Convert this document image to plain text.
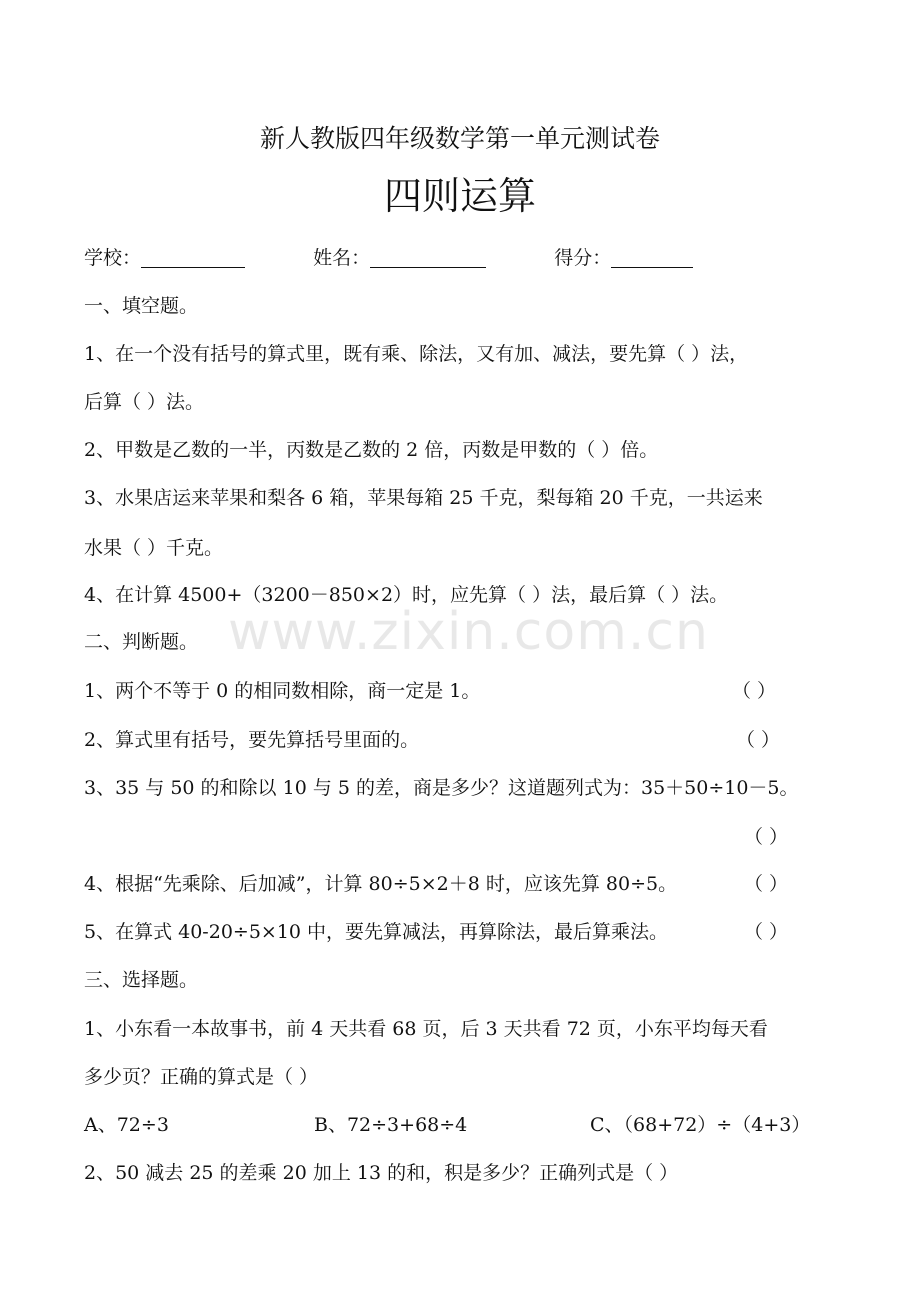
新人教版四年级数学第一单元测试卷
四则运算
学校：	姓名：	得分：
一、填空题。
1、在一个没有括号的算式里，既有乘、除法，又有加、减法，要先算（ ）法，
后算（ ）法。
2、甲数是乙数的一半，丙数是乙数的 2 倍，丙数是甲数的（ ）倍。
3、水果店运来苹果和梨各 6 箱，苹果每箱 25 千克，梨每箱 20 千克，一共运来
水果（ ）千克。
4、在计算 4500+（3200－850×2）时，应先算（ ）法，最后算（ ）法。
www.zixin.com.cn
二、判断题。
1、两个不等于 0 的相同数相除，商一定是 1。	（ ）
2、算式里有括号，要先算括号里面的。	（ ）
3、35 与 50 的和除以 10 与 5 的差，商是多少？这道题列式为：35＋50÷10－5。
（ ）
4、根据“先乘除、后加减”，计算 80÷5×2＋8 时，应该先算 80÷5。	（ ）
5、在算式 40-20÷5×10 中，要先算减法，再算除法，最后算乘法。	（ ）
三、选择题。
1、小东看一本故事书，前 4 天共看 68 页，后 3 天共看 72 页，小东平均每天看
多少页？正确的算式是（ ）
A、72÷3	B、72÷3+68÷4	C、（68+72）÷（4+3）
2、50 减去 25 的差乘 20 加上 13 的和，积是多少？正确列式是（ ）
